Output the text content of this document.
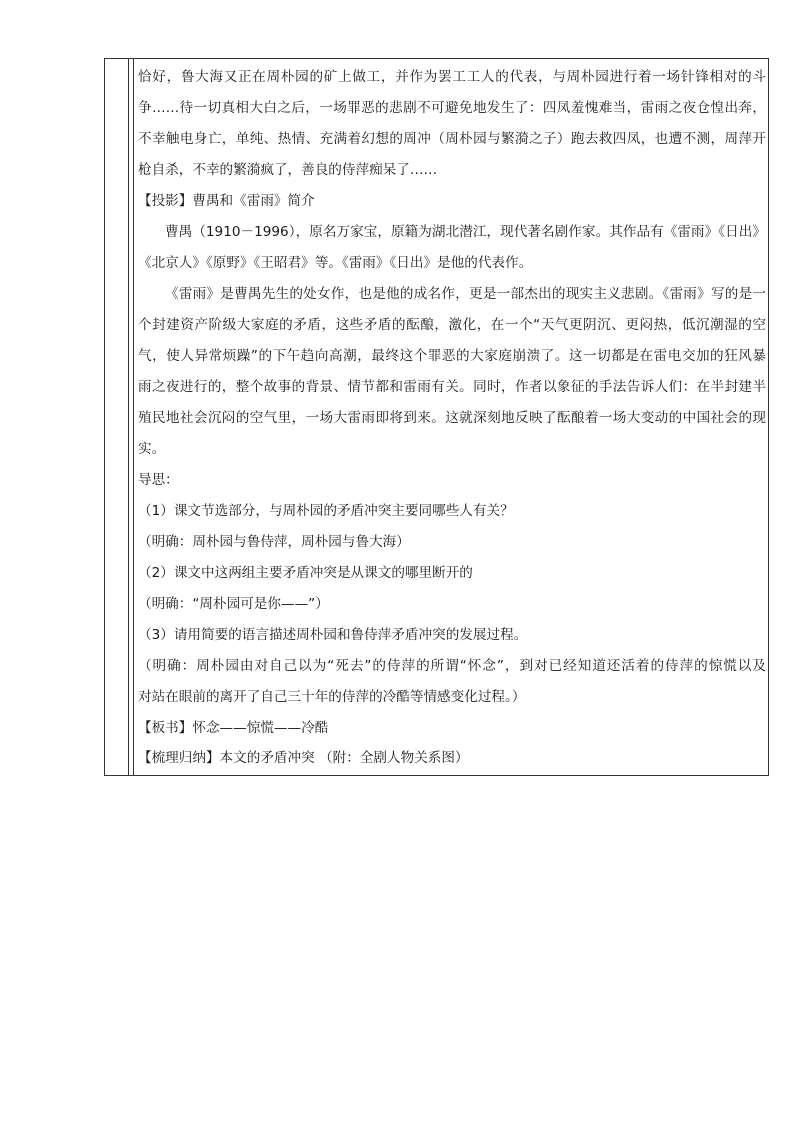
恰好，鲁大海又正在周朴园的矿上做工，并作为罢工工人的代表，与周朴园进行着一场针锋相对的斗
争……待一切真相大白之后，一场罪恶的悲剧不可避免地发生了：四凤羞愧难当，雷雨之夜仓惶出奔，
不幸触电身亡，单纯、热情、充满着幻想的周冲（周朴园与繁漪之子）跑去救四凤，也遭不测，周萍开
枪自杀，不幸的繁漪疯了，善良的侍萍痴呆了……
【投影】曹禺和《雷雨》简介
曹禺（1910－1996），原名万家宝，原籍为湖北潜江，现代著名剧作家。其作品有《雷雨》《日出》
《北京人》《原野》《王昭君》等。《雷雨》《日出》是他的代表作。
《雷雨》是曹禺先生的处女作，也是他的成名作，更是一部杰出的现实主义悲剧。《雷雨》写的是一
个封建资产阶级大家庭的矛盾，这些矛盾的酝酿，激化，在一个“天气更阴沉、更闷热，低沉潮湿的空
气，使人异常烦躁”的下午趋向高潮，最终这个罪恶的大家庭崩溃了。这一切都是在雷电交加的狂风暴
雨之夜进行的，整个故事的背景、情节都和雷雨有关。同时，作者以象征的手法告诉人们：在半封建半
殖民地社会沉闷的空气里，一场大雷雨即将到来。这就深刻地反映了酝酿着一场大变动的中国社会的现
实。
导思：
（1）课文节选部分，与周朴园的矛盾冲突主要同哪些人有关？
（明确：周朴园与鲁侍萍，周朴园与鲁大海）
（2）课文中这两组主要矛盾冲突是从课文的哪里断开的
（明确：“周朴园可是你——”）
（3）请用简要的语言描述周朴园和鲁侍萍矛盾冲突的发展过程。
（明确：周朴园由对自己以为“死去”的侍萍的所谓“怀念”，到对已经知道还活着的侍萍的惊慌以及
对站在眼前的离开了自己三十年的侍萍的冷酷等情感变化过程。）
【板书】怀念——惊慌——冷酷
【梳理归纳】本文的矛盾冲突 （附：全剧人物关系图）
